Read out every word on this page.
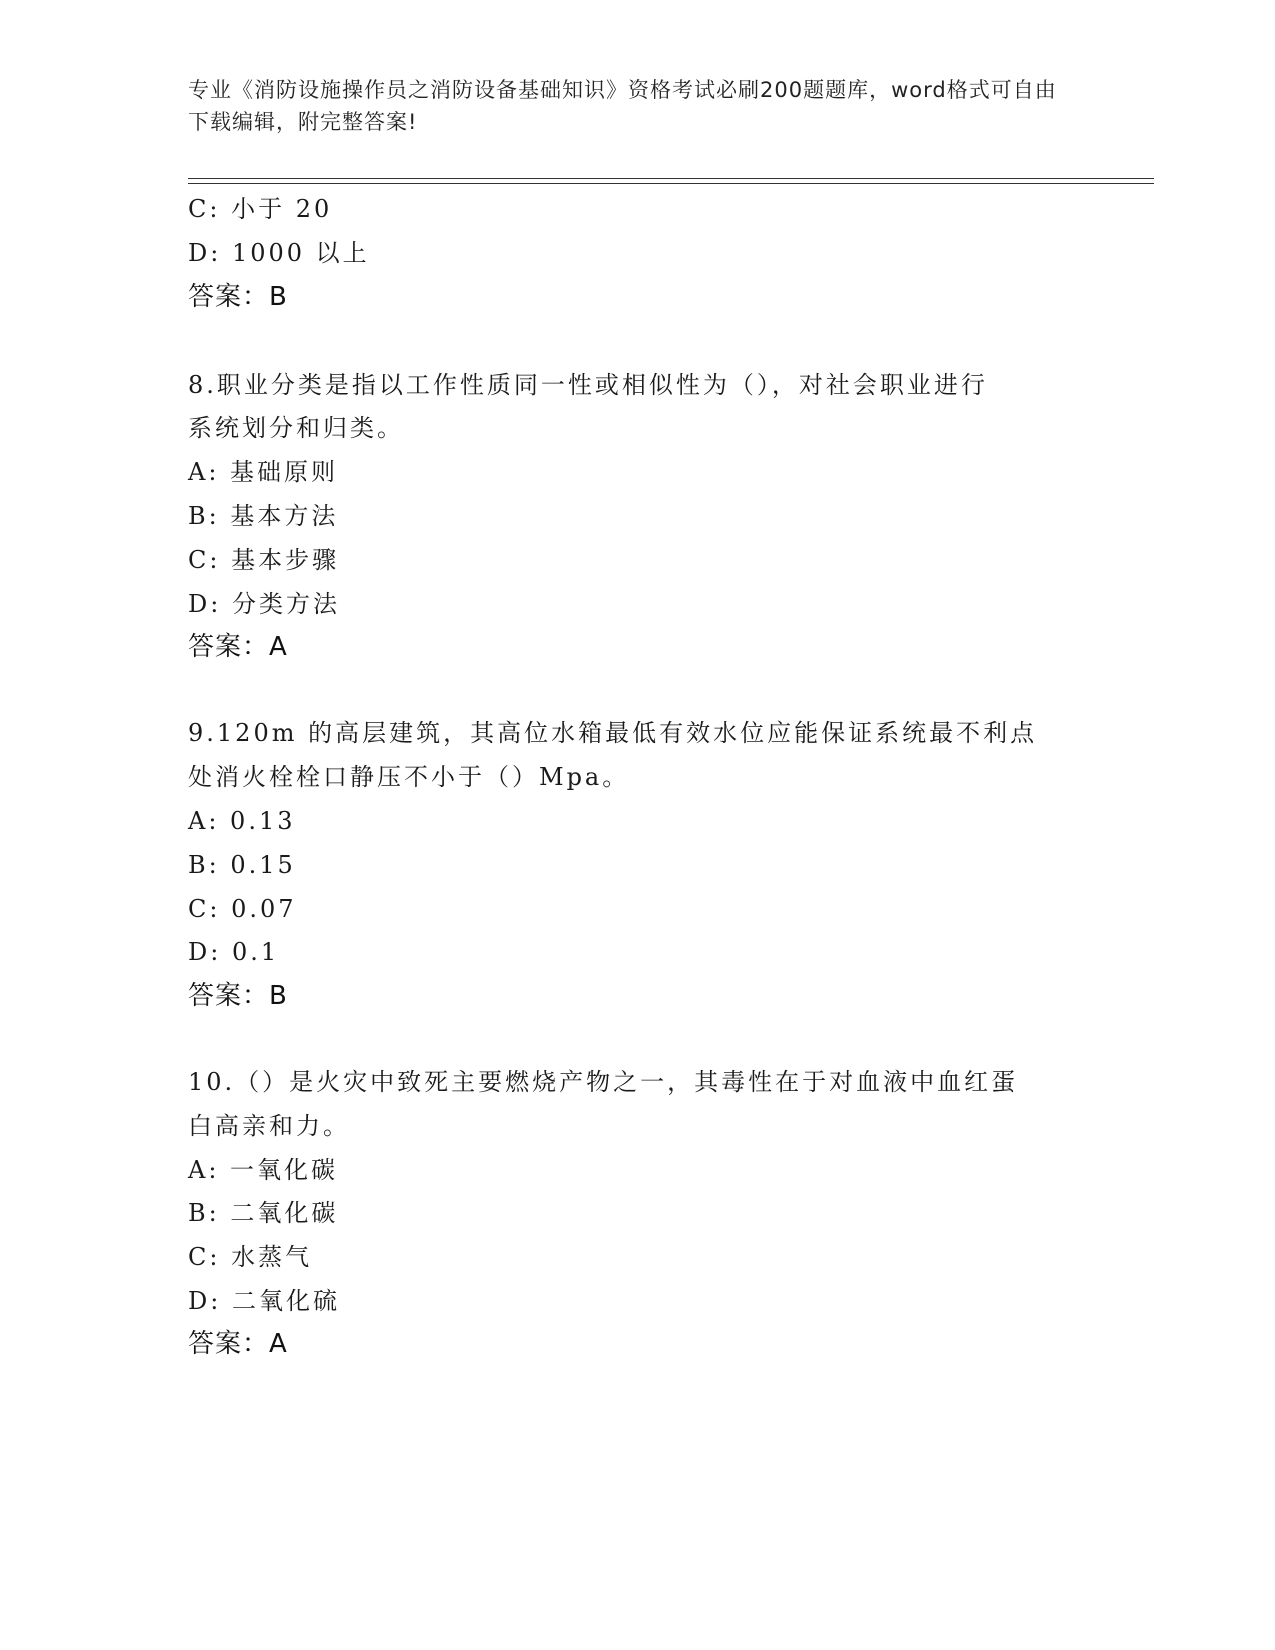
专业《消防设施操作员之消防设备基础知识》资格考试必刷200题题库，word格式可自由下载编辑，附完整答案!
C: 小于 20
D: 1000 以上
答案：B
8.职业分类是指以工作性质同一性或相似性为（），对社会职业进行
系统划分和归类。
A: 基础原则
B: 基本方法
C: 基本步骤
D: 分类方法
答案：A
9.120m 的高层建筑，其高位水箱最低有效水位应能保证系统最不利点
处消火栓栓口静压不小于（）Mpa。
A: 0.13
B: 0.15
C: 0.07
D: 0.1
答案：B
10.（）是火灾中致死主要燃烧产物之一，其毒性在于对血液中血红蛋
白高亲和力。
A: 一氧化碳
B: 二氧化碳
C: 水蒸气
D: 二氧化硫
答案：A
